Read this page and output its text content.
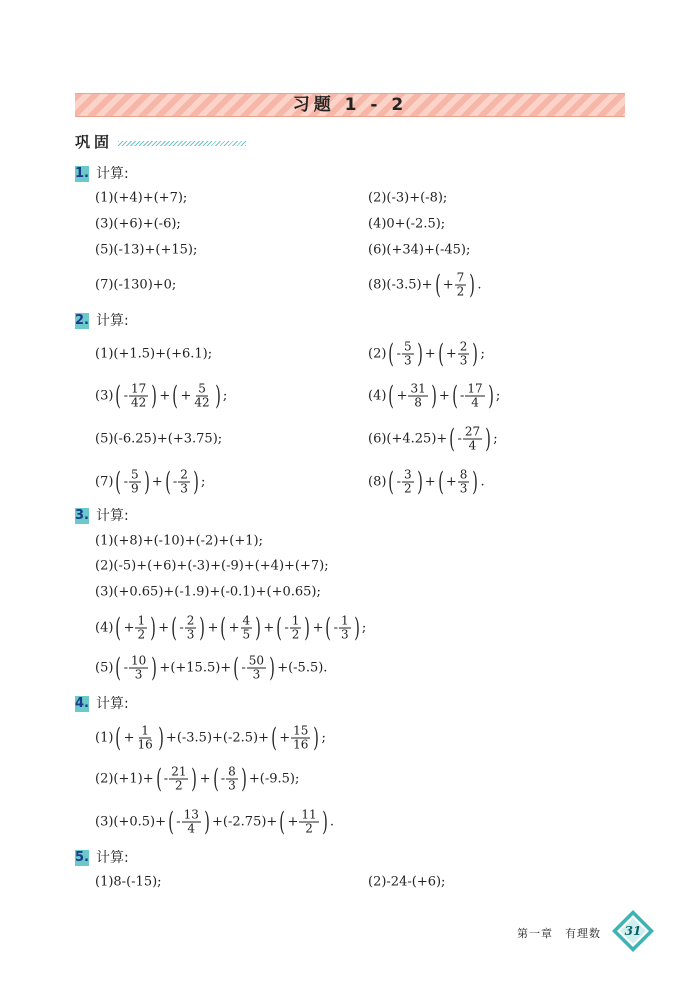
习题 1 - 2
巩固
1. 计算:
(1)(+4)+(+7);	(2)(-3)+(-8);
(3)(+6)+(-6);	(4)0+(-2.5);
(5)(-13)+(+15);	(6)(+34)+(-45);
(7)(-130)+0;	(8)(-3.5)+ ( + $\frac{7}{2}$ ) .
2. 计算:
(1)(+1.5)+(+6.1);	(2) ( - $\frac{5}{3}$ ) + ( + $\frac{2}{3}$ ) ;
(3) ( - $\frac{17}{42}$ ) + ( + $\frac{5}{42}$ ) ;	(4) ( + $\frac{31}{8}$ ) + ( - $\frac{17}{4}$ ) ;
(5)(-6.25)+(+3.75);	(6)(+4.25)+ ( - $\frac{27}{4}$ ) ;
(7) ( - $\frac{5}{9}$ ) + ( - $\frac{2}{3}$ ) ;	(8) ( - $\frac{3}{2}$ ) + ( + $\frac{8}{3}$ ) .
3. 计算:
(1)(+8)+(-10)+(-2)+(+1);
(2)(-5)+(+6)+(-3)+(-9)+(+4)+(+7);
(3)(+0.65)+(-1.9)+(-0.1)+(+0.65);
(4) ( + $\frac{1}{2}$ ) + ( - $\frac{2}{3}$ ) + ( + $\frac{4}{5}$ ) + ( - $\frac{1}{2}$ ) + ( - $\frac{1}{3}$ ) ;
(5) ( - $\frac{10}{3}$ ) +(+15.5)+ ( - $\frac{50}{3}$ ) +(-5.5).
4. 计算:
(1) ( + $\frac{1}{16}$ ) +(-3.5)+(-2.5)+ ( + $\frac{15}{16}$ ) ;
(2)(+1)+ ( - $\frac{21}{2}$ ) + ( - $\frac{8}{3}$ ) +(-9.5);
(3)(+0.5)+ ( - $\frac{13}{4}$ ) +(-2.75)+ ( + $\frac{11}{2}$ ) .
5. 计算:
(1)8-(-15);	(2)-24-(+6);
第一章　有理数	31
